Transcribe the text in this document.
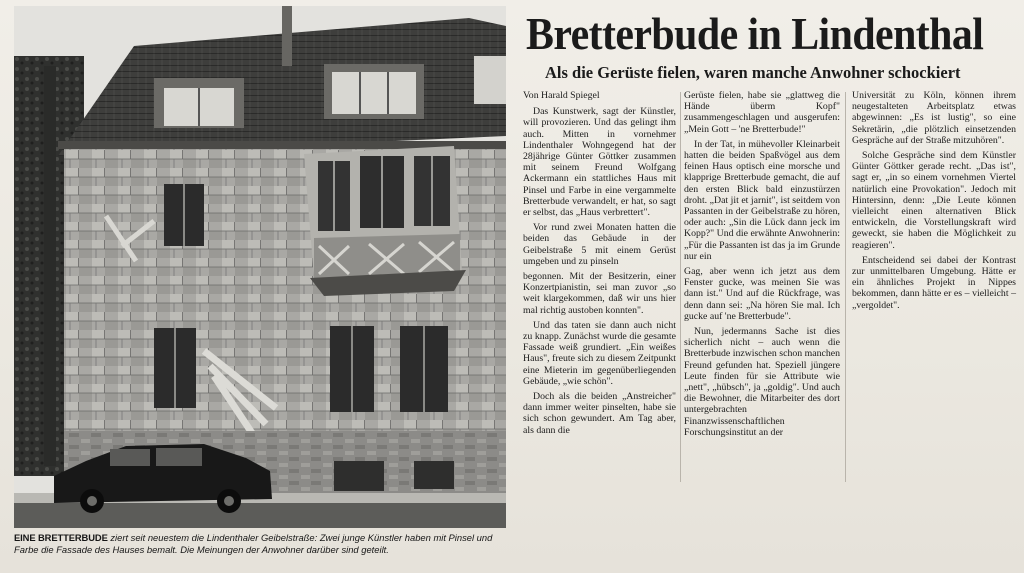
EINE BRETTERBUDE ziert seit neuestem die Lindenthaler Geibelstraße: Zwei junge Künstler haben mit Pinsel und Farbe die Fassade des Hauses bemalt. Die Meinungen der Anwohner darüber sind geteilt.
Bretterbude in Lindenthal
Als die Gerüste fielen, waren manche Anwohner schockiert

Von Harald Spiegel

Das Kunstwerk, sagt der Künstler, will provozieren. Und das gelingt ihm auch. Mitten in vornehmer Lindenthaler Wohngegend hat der 28jährige Günter Göttker zusammen mit seinem Freund Wolfgang Ackermann ein stattliches Haus mit Pinsel und Farbe in eine vergammelte Bretterbude verwandelt, er hat, so sagt er selbst, das „Haus verbrettert".

Vor rund zwei Monaten hatten die beiden das Gebäude in der Geibelstraße 5 mit einem Gerüst umgeben und zu pinseln

begonnen. Mit der Besitzerin, einer Konzertpianistin, sei man zuvor „so weit klargekommen, daß wir uns hier mal richtig austoben konnten".

Und das taten sie dann auch nicht zu knapp. Zunächst wurde die gesamte Fassade weiß grundiert. „Ein weißes Haus", freute sich zu diesem Zeitpunkt eine Mieterin im gegenüberliegenden Gebäude, „wie schön".

Doch als die beiden „Anstreicher" dann immer weiter pinselten, habe sie sich schon gewundert. Am Tag aber, als dann die

Gerüste fielen, habe sie „glattweg die Hände überm Kopf" zusammengeschlagen und ausgerufen: „Mein Gott – 'ne Bretterbude!"

In der Tat, in mühevoller Kleinarbeit hatten die beiden Spaßvögel aus dem feinen Haus optisch eine morsche und klapprige Bretterbude gemacht, die auf den ersten Blick bald einzustürzen droht. „Dat jit et jarnit", ist seitdem von Passanten in der Geibelstraße zu hören, oder auch: „Sin die Lück dann jeck im Kopp?" Und die erwähnte Anwohnerin: „Für die Passanten ist das ja im Grunde nur ein

Gag, aber wenn ich jetzt aus dem Fenster gucke, was meinen Sie was dann ist." Und auf die Rückfrage, was denn dann sei: „Na hören Sie mal. Ich gucke auf 'ne Bretterbude".

Nun, jedermanns Sache ist dies sicherlich nicht – auch wenn die Bretterbude inzwischen schon manchen Freund gefunden hat. Speziell jüngere Leute finden für sie Attribute wie „nett", „hübsch", ja „goldig". Und auch die Bewohner, die Mitarbeiter des dort untergebrachten Finanzwissenschaftlichen Forschungsinstitut an der

Universität zu Köln, können ihrem neugestalteten Arbeitsplatz etwas abgewinnen: „Es ist lustig", so eine Sekretärin, „die plötzlich einsetzenden Gespräche auf der Straße mitzuhören".

Solche Gespräche sind dem Künstler Günter Göttker gerade recht. „Das ist", sagt er, „in so einem vornehmen Viertel natürlich eine Provokation". Jedoch mit Hintersinn, denn: „Die Leute können vielleicht einen alternativen Blick entwickeln, die Vorstellungskraft wird geweckt, sie haben die Möglichkeit zu reagieren".

Entscheidend sei dabei der Kontrast zur unmittelbaren Umgebung. Hätte er ein ähnliches Projekt in Nippes bekommen, dann hätte er es – vielleicht – „vergoldet".
